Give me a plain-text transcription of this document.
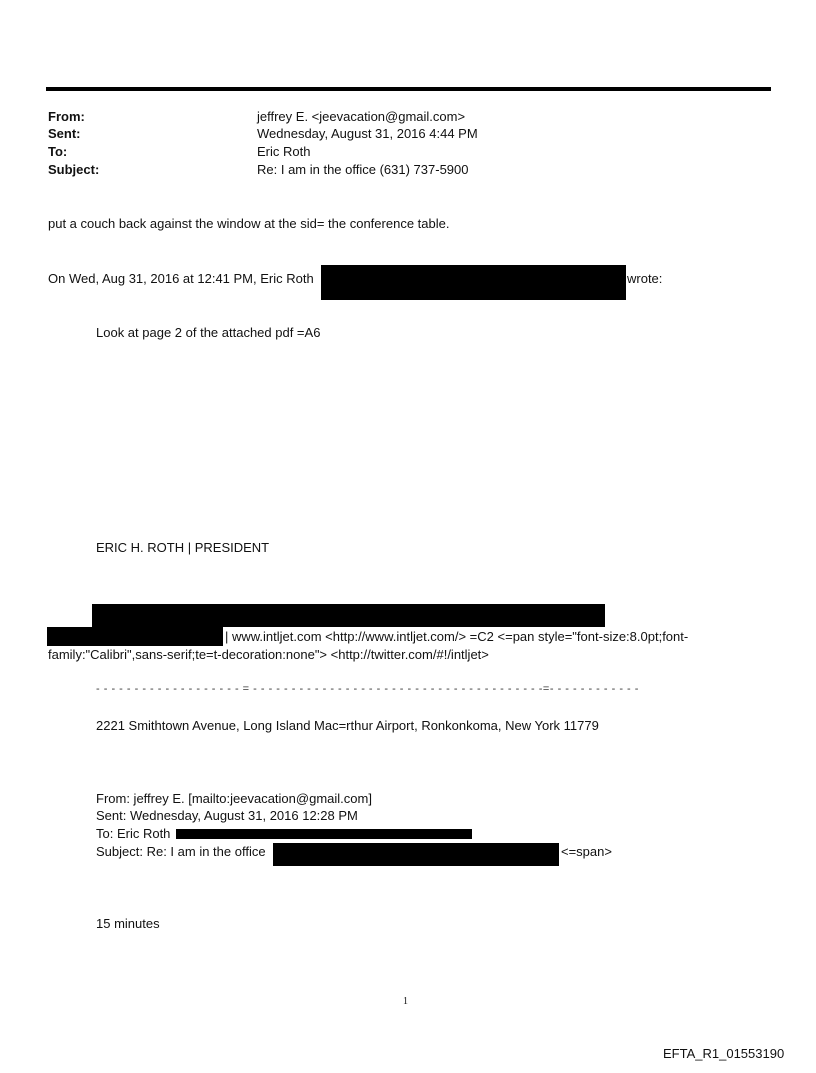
From:
Sent:
To:
Subject:
jeffrey E. <jeevacation@gmail.com>
Wednesday, August 31, 2016 4:44 PM
Eric Roth
Re: I am in the office (631) 737-5900
put a couch back against the window at the sid= the conference table.
On Wed, Aug 31, 2016 at 12:41 PM, Eric Roth	wrote:
Look at page 2 of the attached pdf =A6
ERIC H. ROTH | PRESIDENT
| www.intljet.com <http://www.intljet.com/> =C2 <=pan style="font-size:8.0pt;font-
family:"Calibri",sans-serif;te=t-decoration:none"> <http://twitter.com/#!/intljet>
- - - - - - - - - - - - - - - - - - - = - - - - - - - - - - - - - - - - - - - - - - - - - - - - - - - - - - - - - -=- - - - - - - - - - - -
2221 Smithtown Avenue, Long Island Mac=rthur Airport, Ronkonkoma, New York 11779
From: jeffrey E. [mailto:jeevacation@gmail.com]
Sent: Wednesday, August 31, 2016 12:28 PM
To: Eric Roth
Subject: Re: I am in the office	<=span>
15 minutes
1
EFTA_R1_01553190
